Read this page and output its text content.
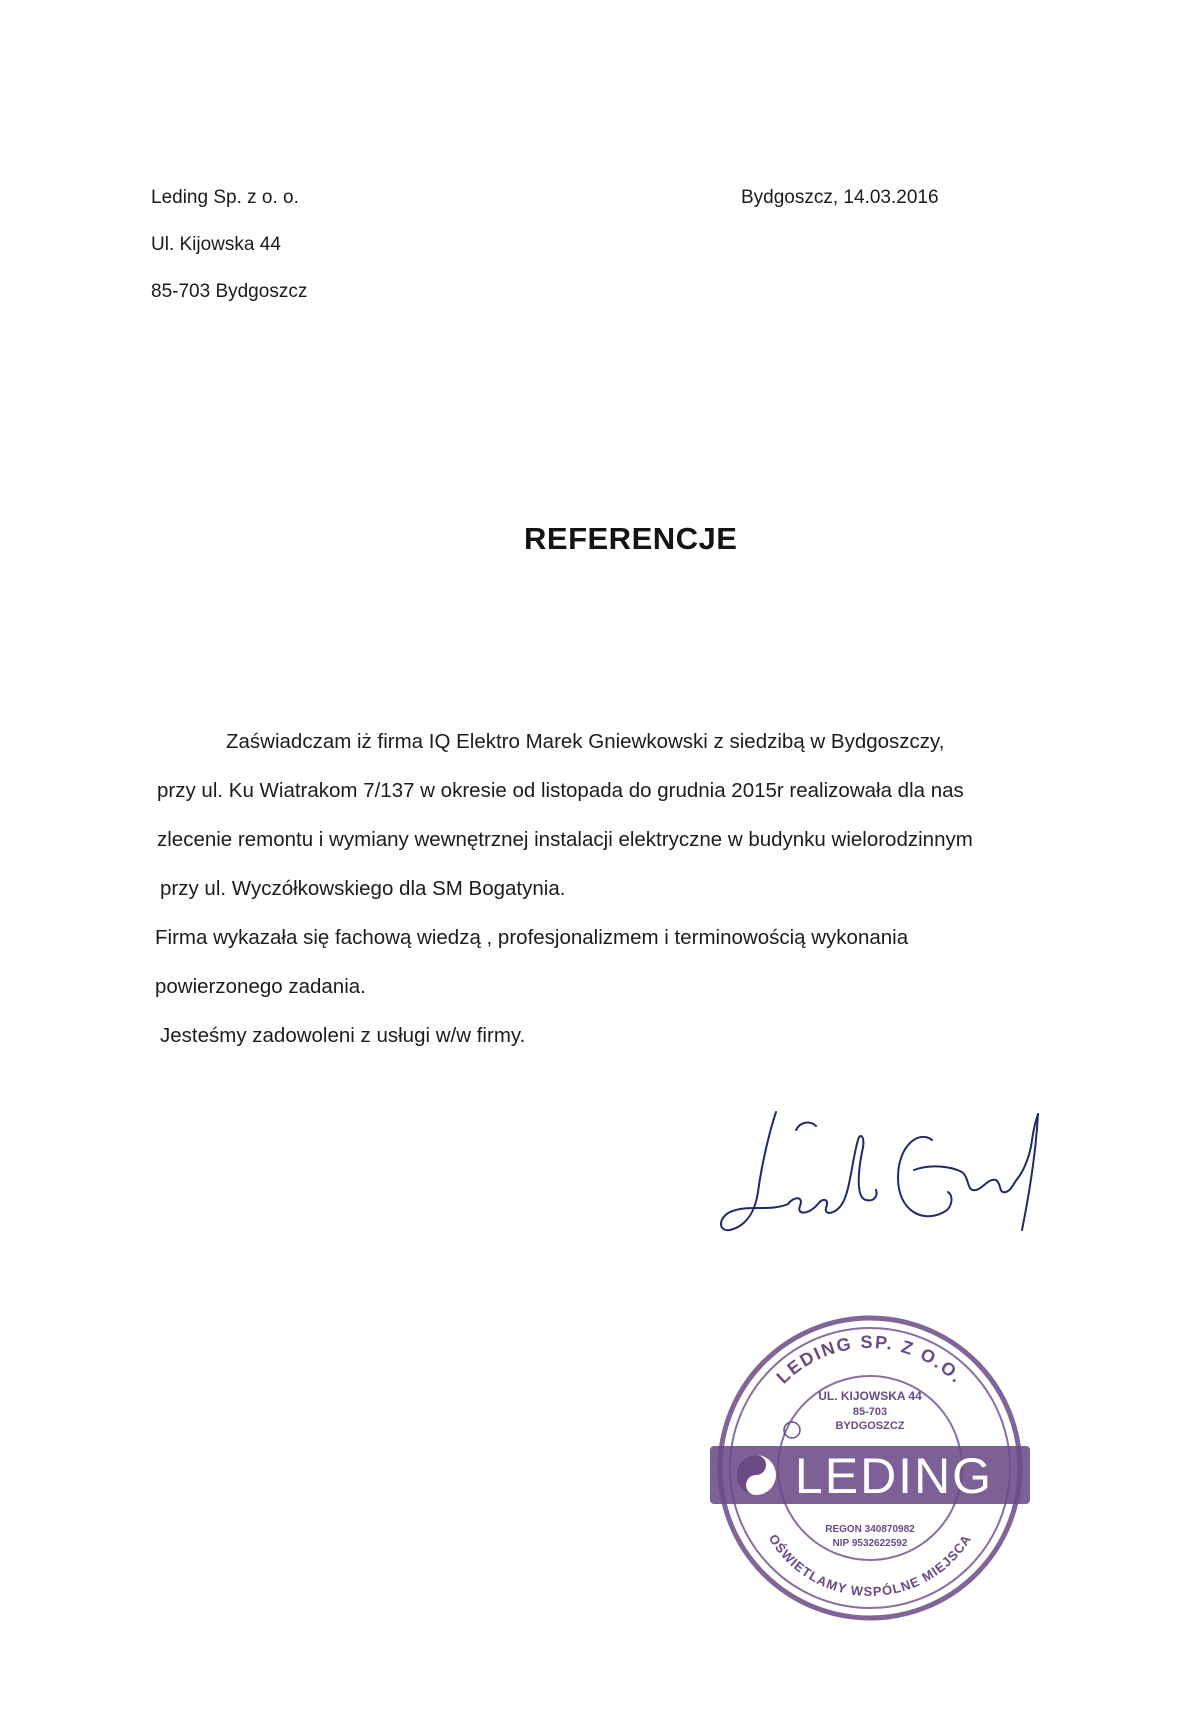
Leding Sp. z o. o.
Ul. Kijowska 44
85-703 Bydgoszcz
Bydgoszcz, 14.03.2016
REFERENCJE
Zaświadczam iż firma IQ Elektro Marek Gniewkowski z siedzibą w Bydgoszczy,
przy ul. Ku Wiatrakom 7/137 w okresie od listopada do grudnia 2015r realizowała dla nas
zlecenie remontu i wymiany wewnętrznej instalacji elektryczne w budynku wielorodzinnym
przy ul. Wyczółkowskiego dla SM Bogatynia.
Firma wykazała się fachową wiedzą , profesjonalizmem i terminowością wykonania
powierzonego zadania.
Jesteśmy zadowoleni z usługi w/w firmy.
LEDING SP. Z O.O.
UL. KIJOWSKA 44
85-703
BYDGOSZCZ
LEDING
REGON 340870982
NIP 9532622592
OŚWIETLAMY WSPÓLNE MIEJSCA
